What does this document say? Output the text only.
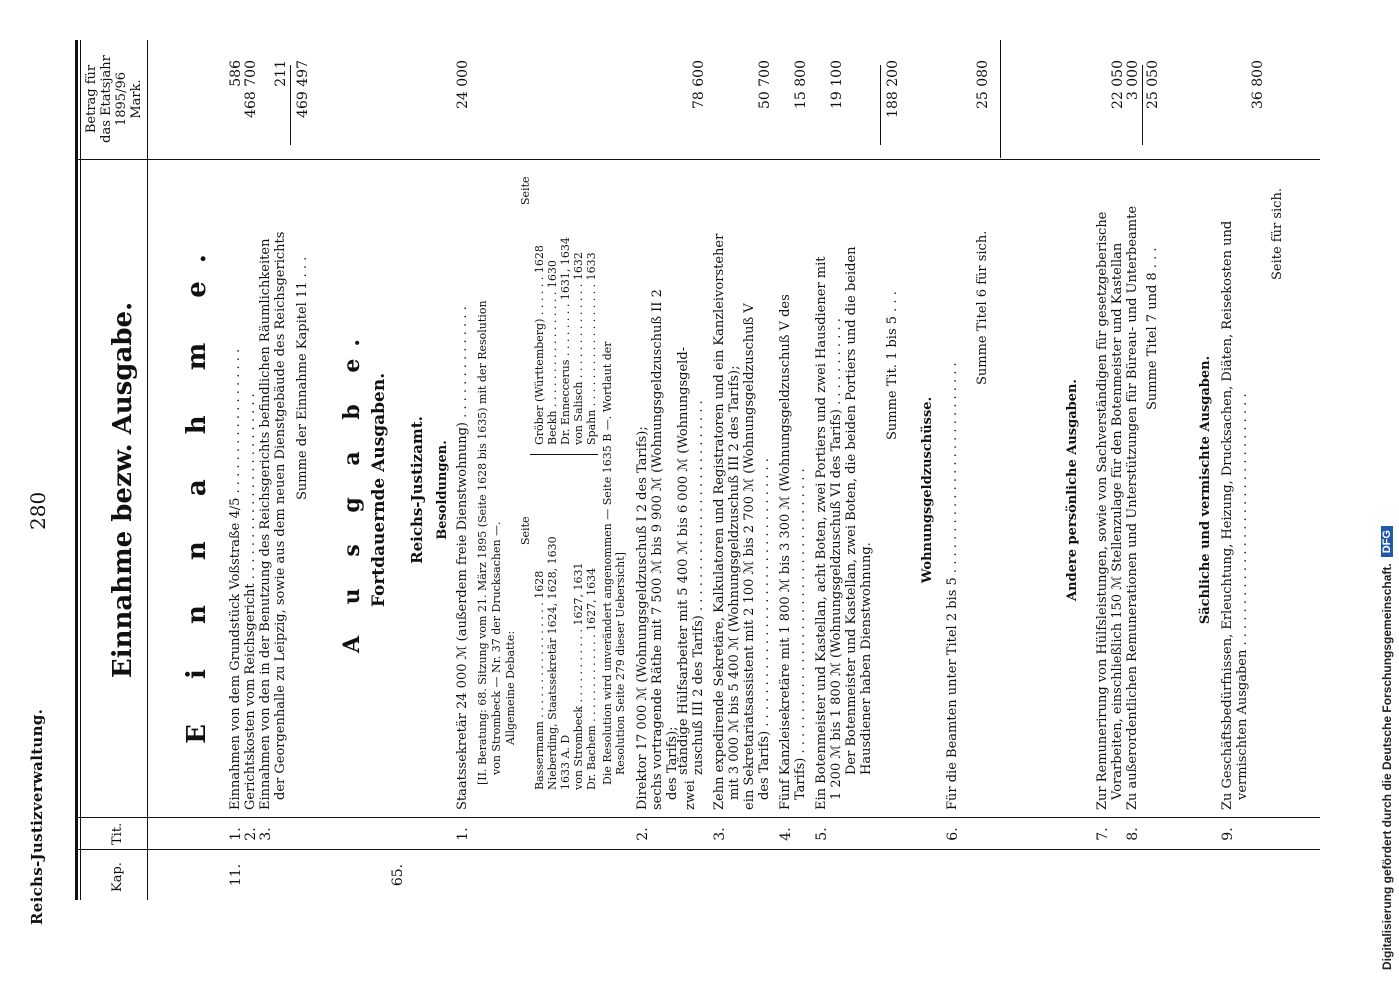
Reichs-Justizverwaltung.
280
Kap.
Tit.
Betrag für das Etatsjahr 1895/96 Mark.
Einnahme bezw. Ausgabe. E i n n a h m e.
11.
1.
Einnahmen von dem Grundstück Voßstraße 4/5 . . . . . . . . . . . . . . . . . .
586
2.
Gerichtskosten vom Reichsgericht . . . . . . . . . . . . . . . . . . . . . . .
468 700
3.
Einnahmen von den in der Benutzung des Reichsgerichts befindlichen Räumlichkeiten der Georgenhalle zu Leipzig, sowie aus dem neuen Dienstgebäude des Reichsgerichts
211
Summe der Einnahme Kapitel 11 . . .
469 497
A u s g a b e. Fortdauernde Ausgaben.
65.
Reichs-Justizamt. Besoldungen.
1.
Staatssekretär 24 000 ℳ (außerdem freie Dienstwohnung) . . . . . . . . . . . . . .
24 000
[II. Beratung: 68. Sitzung vom 21. März 1895 (Seite 1628 bis 1635) mit der Resolution von Strombeck — Nr. 37 der Drucksachen —. Allgemeine Debatte:
Seite
Seite
Bassermann . . . . . . . . . . . . . . . . . 1628 Nieberding, Staatssekretär 1624, 1628, 1630 1633 A. D von Strombeck . . . . . . . . . . . 1627, 1631 Dr. Bachem . . . . . . . . . . . . . 1627, 1634
Gröber (Württemberg) . . . . . . 1628 Beckh . . . . . . . . . . . . . . . . . 1630 Dr. Enneccerus . . . . . . . . 1631, 1634 von Salisch . . . . . . . . . . . . . . 1632 Spahn . . . . . . . . . . . . . . . . . . 1633 Die Resolution wird unverändert angenommen — Seite 1635 B —. Wortlaut der Resolution Seite 279 dieser Uebersicht]
2.
Direktor 17 000 ℳ (Wohnungsgeldzuschuß I 2 des Tarifs); sechs vortragende Räthe mit 7 500 ℳ bis 9 900 ℳ (Wohnungsgeldzuschuß II 2 des Tarifs); zwei
ständige Hülfsarbeiter mit 5 400 ℳ bis 6 000 ℳ (Wohnungsgeld- zuschuß III 2 des Tarifs) . . . . . . . . . . . . . . . . . . . . . . . . . .
78 600
3.
Zehn expedirende Sekretäre, Kalkulatoren und Registratoren und ein Kanzleivorsteher mit 3 000 ℳ bis 5 400 ℳ (Wohnungsgeldzuschuß III 2 des Tarifs); ein Sekretariatsassistent mit 2 100 ℳ bis 2 700 ℳ (Wohnungsgeldzuschuß V des Tarifs) . . . . . . . . . . . . . . . . . . . . . . . . . . . . . . . . .
50 700
4.
Fünf Kanzleisekretäre mit 1 800 ℳ bis 3 300 ℳ (Wohnungsgeldzuschuß V des Tarifs) . . . . . . . . . . . . . . . . . . . . . . . . . . . . . . . . . . .
15 800
5.
Ein Botenmeister und Kastellan, acht Boten, zwei Portiers und zwei Hausdiener mit 1 200 ℳ bis 1 800 ℳ (Wohnungsgeldzuschuß VI des Tarifs) . . . . . . . . . . .
19 100
Der Botenmeister und Kastellan, zwei Boten, die beiden Portiers und die beiden Hausdiener haben Dienstwohnung.
Summe Tit. 1 bis 5 . . .
188 200
Wohnungsgeldzuschüsse.
6.
Für die Beamten unter Titel 2 bis 5 . . . . . . . . . . . . . . . . . . . . . . . . . .
Summe Titel 6 für sich.
25 080
Andere persönliche Ausgaben.
7.
Zur Remunerirung von Hülfsleistungen, sowie von Sachverständigen für gesetzgeberische Vorarbeiten, einschließlich 150 ℳ Stellenzulage für den Botenmeister und Kastellan
22 050
8.
Zu außerordentlichen Remunerationen und Unterstützungen für Büreau- und Unterbeamte
3 000
Summe Titel 7 und 8 . . .
25 050
Sächliche und vermischte Ausgaben.
9.
Zu Geschäftsbedürfnissen, Erleuchtung, Heizung, Drucksachen, Diäten, Reisekosten und vermischten Ausgaben . . . . . . . . . . . . . . . . . . . . . . . . . . . . . . .
36 800
Seite für sich.
Digitalisierung gefördert durch die Deutsche Forschungsgemeinschaft.
DFG
